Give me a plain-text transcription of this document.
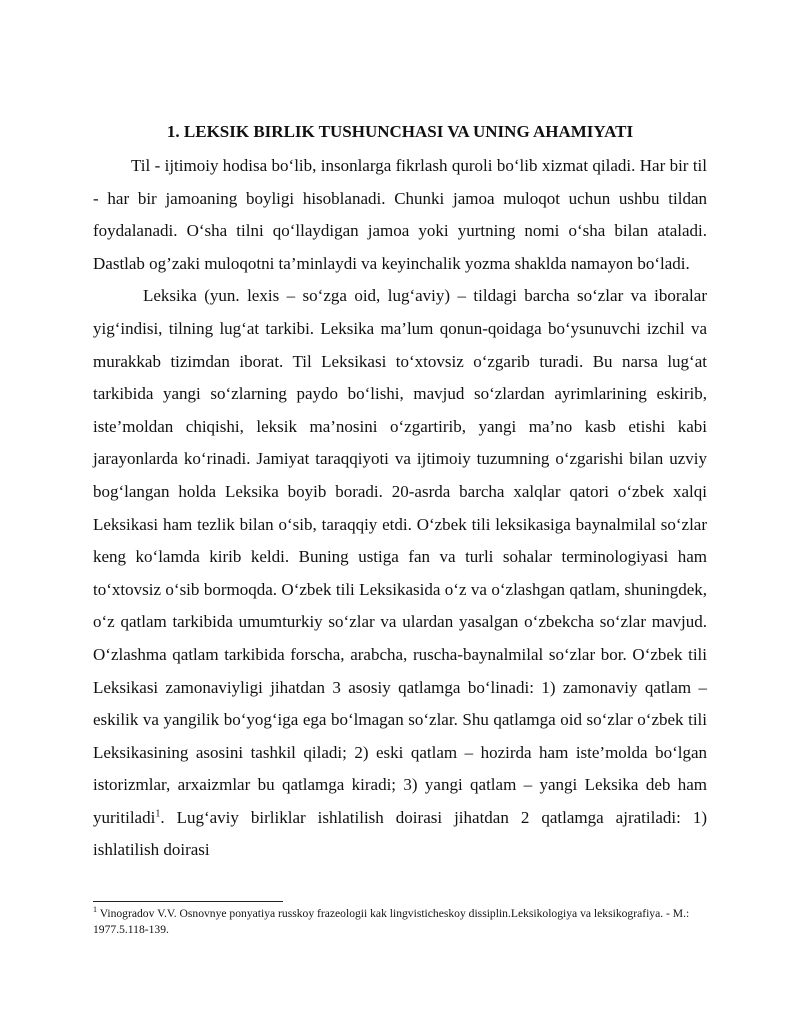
1. LEKSIK BIRLIK TUSHUNCHASI VA UNING AHAMIYATI

Til - ijtimoiy hodisa bo‘lib, insonlarga fikrlash quroli bo‘lib xizmat qiladi. Har bir til - har bir jamoaning boyligi hisoblanadi. Chunki jamoa muloqot uchun ushbu tildan foydalanadi. O‘sha tilni qo‘llaydigan jamoa yoki yurtning nomi o‘sha bilan ataladi. Dastlab og’zaki muloqotni ta’minlaydi va keyinchalik yozma shaklda namayon bo‘ladi.

Leksika (yun. lexis – so‘zga oid, lug‘aviy) – tildagi barcha so‘zlar va iboralar yig‘indisi, tilning lug‘at tarkibi. Leksika ma’lum qonun-qoidaga bo‘ysunuvchi izchil va murakkab tizimdan iborat. Til Leksikasi to‘xtovsiz o‘zgarib turadi. Bu narsa lug‘at tarkibida yangi so‘zlarning paydo bo‘lishi, mavjud so‘zlardan ayrimlarining eskirib, iste’moldan chiqishi, leksik ma’nosini o‘zgartirib, yangi ma’no kasb etishi kabi jarayonlarda ko‘rinadi. Jamiyat taraqqiyoti va ijtimoiy tuzumning o‘zgarishi bilan uzviy bog‘langan holda Leksika boyib boradi. 20-asrda barcha xalqlar qatori o‘zbek xalqi Leksikasi ham tezlik bilan o‘sib, taraqqiy etdi. O‘zbek tili leksikasiga baynalmilal so‘zlar keng ko‘lamda kirib keldi. Buning ustiga fan va turli sohalar terminologiyasi ham to‘xtovsiz o‘sib bormoqda. O‘zbek tili Leksikasida o‘z va o‘zlashgan qatlam, shuningdek, o‘z qatlam tarkibida umumturkiy so‘zlar va ulardan yasalgan o‘zbekcha so‘zlar mavjud. O‘zlashma qatlam tarkibida forscha, arabcha, ruscha-baynalmilal so‘zlar bor. O‘zbek tili Leksikasi zamonaviyligi jihatdan 3 asosiy qatlamga bo‘linadi: 1) zamonaviy qatlam – eskilik va yangilik bo‘yog‘iga ega bo‘lmagan so‘zlar. Shu qatlamga oid so‘zlar o‘zbek tili Leksikasining asosini tashkil qiladi; 2) eski qatlam – hozirda ham iste’molda bo‘lgan istorizmlar, arxaizmlar bu qatlamga kiradi; 3) yangi qatlam – yangi Leksika deb ham yuritiladi$^1$. Lug‘aviy birliklar ishlatilish doirasi jihatdan 2 qatlamga ajratiladi: 1) ishlatilish doirasi

$^1$ Vinogradov V.V. Osnovnye ponyatiya russkoy frazeologii kak lingvisticheskoy dissiplin.Leksikologiya va leksikografiya. - M.: 1977.5.118-139.
